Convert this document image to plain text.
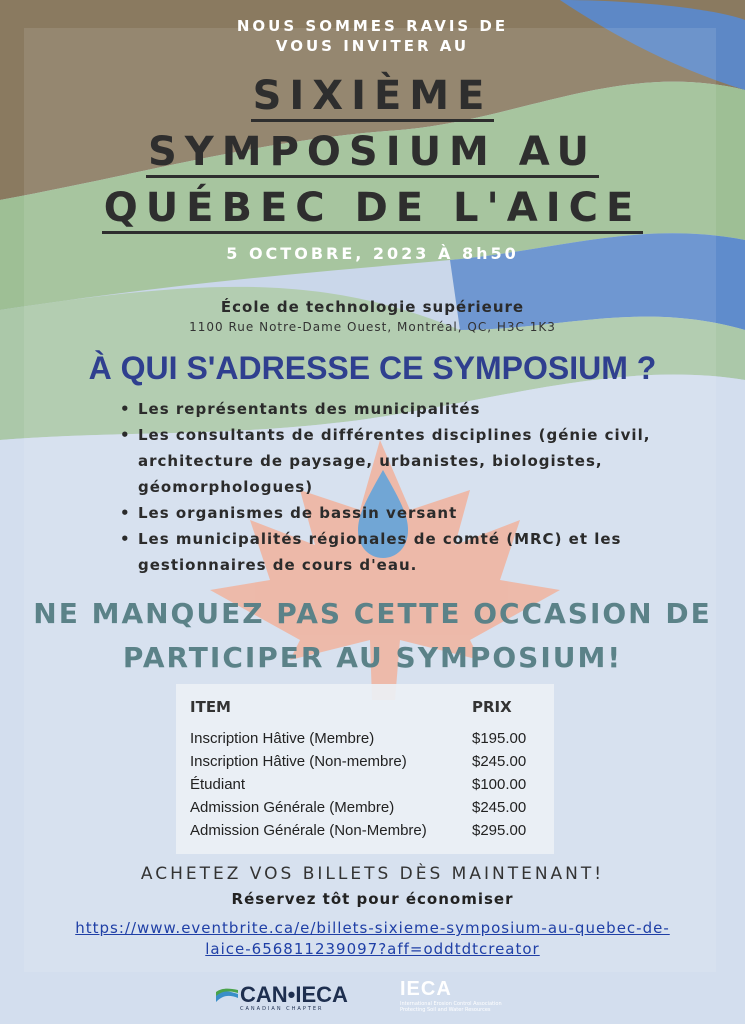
NOUS SOMMES RAVIS DE
VOUS INVITER AU
SIXIÈME
SYMPOSIUM AU
QUÉBEC DE L'AICE
5 OCTOBRE, 2023 À 8h50
École de technologie supérieure
1100 Rue Notre-Dame Ouest, Montréal, QC, H3C 1K3
À QUI S'ADRESSE CE SYMPOSIUM ?
• Les représentants des municipalités
• Les consultants de différentes disciplines (génie civil, architecture de paysage, urbanistes, biologistes, géomorphologues)
• Les organismes de bassin versant
• Les municipalités régionales de comté (MRC) et les gestionnaires de cours d'eau.
NE MANQUEZ PAS CETTE OCCASION DE
PARTICIPER AU SYMPOSIUM!
ITEM	PRIX
Inscription Hâtive (Membre)	$195.00
Inscription Hâtive (Non-membre)	$245.00
Étudiant	$100.00
Admission Générale (Membre)	$245.00
Admission Générale (Non-Membre)	$295.00
ACHETEZ VOS BILLETS DÈS MAINTENANT!
Réservez tôt pour économiser
https://www.eventbrite.ca/e/billets-sixieme-symposium-au-quebec-de-
laice-656811239097?aff=oddtdtcreator
CAN•IECA
CANADIAN CHAPTER
IECA
International Erosion Control Association
Protecting Soil and Water Resources
